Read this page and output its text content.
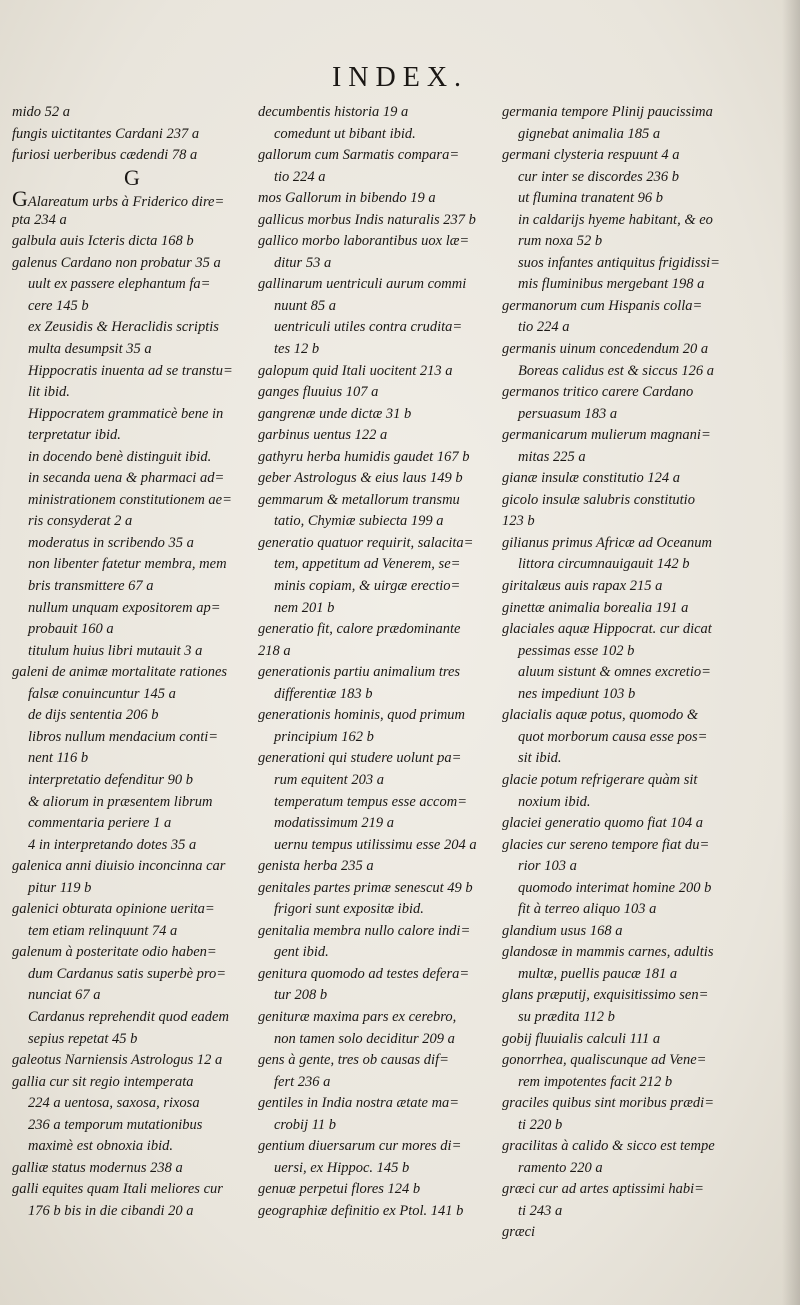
INDEX.
mido 52 a
fungis uictitantes Cardani 237 a
furiosi uerberibus cædendi 78 a
G
GAlareatum urbs à Friderico dire=
pta 234 a
galbula auis Icteris dicta 168 b
galenus Cardano non probatur 35 a
uult ex passere elephantum fa=
cere 145 b
ex Zeusidis & Heraclidis scriptis
multa desumpsit 35 a
Hippocratis inuenta ad se transtu=
lit ibid.
Hippocratem grammaticè bene in
terpretatur ibid.
in docendo benè distinguit ibid.
in secanda uena & pharmaci ad=
ministrationem constitutionem ae=
ris consyderat 2 a
moderatus in scribendo 35 a
non libenter fatetur membra, mem
bris transmittere 67 a
nullum unquam expositorem ap=
probauit 160 a
titulum huius libri mutauit 3 a
galeni de animæ mortalitate rationes
falsæ conuincuntur 145 a
de dijs sententia 206 b
libros nullum mendacium conti=
nent 116 b
interpretatio defenditur 90 b
& aliorum in præsentem librum
commentaria periere 1 a
4 in interpretando dotes 35 a
galenica anni diuisio inconcinna car
pitur 119 b
galenici obturata opinione uerita=
tem etiam relinquunt 74 a
galenum à posteritate odio haben=
dum Cardanus satis superbè pro=
nunciat 67 a
Cardanus reprehendit quod eadem
sepius repetat 45 b
galeotus Narniensis Astrologus 12 a
gallia cur sit regio intemperata
224 a uentosa, saxosa, rixosa
236 a temporum mutationibus
maximè est obnoxia ibid.
galliæ status modernus 238 a
galli equites quam Itali meliores cur
176 b bis in die cibandi 20 a
decumbentis historia 19 a
comedunt ut bibant ibid.
gallorum cum Sarmatis compara=
tio 224 a
mos Gallorum in bibendo 19 a
gallicus morbus Indis naturalis 237 b
gallico morbo laborantibus uox læ=
ditur 53 a
gallinarum uentriculi aurum commi
nuunt 85 a
uentriculi utiles contra crudita=
tes 12 b
galopum quid Itali uocitent 213 a
ganges fluuius 107 a
gangrenæ unde dictæ 31 b
garbinus uentus 122 a
gathyru herba humidis gaudet 167 b
geber Astrologus & eius laus 149 b
gemmarum & metallorum transmu
tatio, Chymiæ subiecta 199 a
generatio quatuor requirit, salacita=
tem, appetitum ad Venerem, se=
minis copiam, & uirgæ erectio=
nem 201 b
generatio fit, calore prædominante
218 a
generationis partiu animalium tres
differentiæ 183 b
generationis hominis, quod primum
principium 162 b
generationi qui studere uolunt pa=
rum equitent 203 a
temperatum tempus esse accom=
modatissimum 219 a
uernu tempus utilissimu esse 204 a
genista herba 235 a
genitales partes primæ senescut 49 b
frigori sunt expositæ ibid.
genitalia membra nullo calore indi=
gent ibid.
genitura quomodo ad testes defera=
tur 208 b
genituræ maxima pars ex cerebro,
non tamen solo deciditur 209 a
gens à gente, tres ob causas dif=
fert 236 a
gentiles in India nostra ætate ma=
crobij 11 b
gentium diuersarum cur mores di=
uersi, ex Hippoc. 145 b
genuæ perpetui flores 124 b
geographiæ definitio ex Ptol. 141 b
germania tempore Plinij paucissima
gignebat animalia 185 a
germani clysteria respuunt 4 a
cur inter se discordes 236 b
ut flumina tranatent 96 b
in caldarijs hyeme habitant, & eo
rum noxa 52 b
suos infantes antiquitus frigidissi=
mis fluminibus mergebant 198 a
germanorum cum Hispanis colla=
tio 224 a
germanis uinum concedendum 20 a
Boreas calidus est & siccus 126 a
germanos tritico carere Cardano
persuasum 183 a
germanicarum mulierum magnani=
mitas 225 a
gianæ insulæ constitutio 124 a
gicolo insulæ salubris constitutio
123 b
gilianus primus Africæ ad Oceanum
littora circumnauigauit 142 b
giritalæus auis rapax 215 a
ginettæ animalia borealia 191 a
glaciales aquæ Hippocrat. cur dicat
pessimas esse 102 b
aluum sistunt & omnes excretio=
nes impediunt 103 b
glacialis aquæ potus, quomodo &
quot morborum causa esse pos=
sit ibid.
glacie potum refrigerare quàm sit
noxium ibid.
glaciei generatio quomo fiat 104 a
glacies cur sereno tempore fiat du=
rior 103 a
quomodo interimat homine 200 b
fit à terreo aliquo 103 a
glandium usus 168 a
glandosæ in mammis carnes, adultis
multæ, puellis paucæ 181 a
glans præputij, exquisitissimo sen=
su prædita 112 b
gobij fluuialis calculi 111 a
gonorrhea, qualiscunque ad Vene=
rem impotentes facit 212 b
graciles quibus sint moribus prædi=
ti 220 b
gracilitas à calido & sicco est tempe
ramento 220 a
græci cur ad artes aptissimi habi=
ti 243 a
græci
